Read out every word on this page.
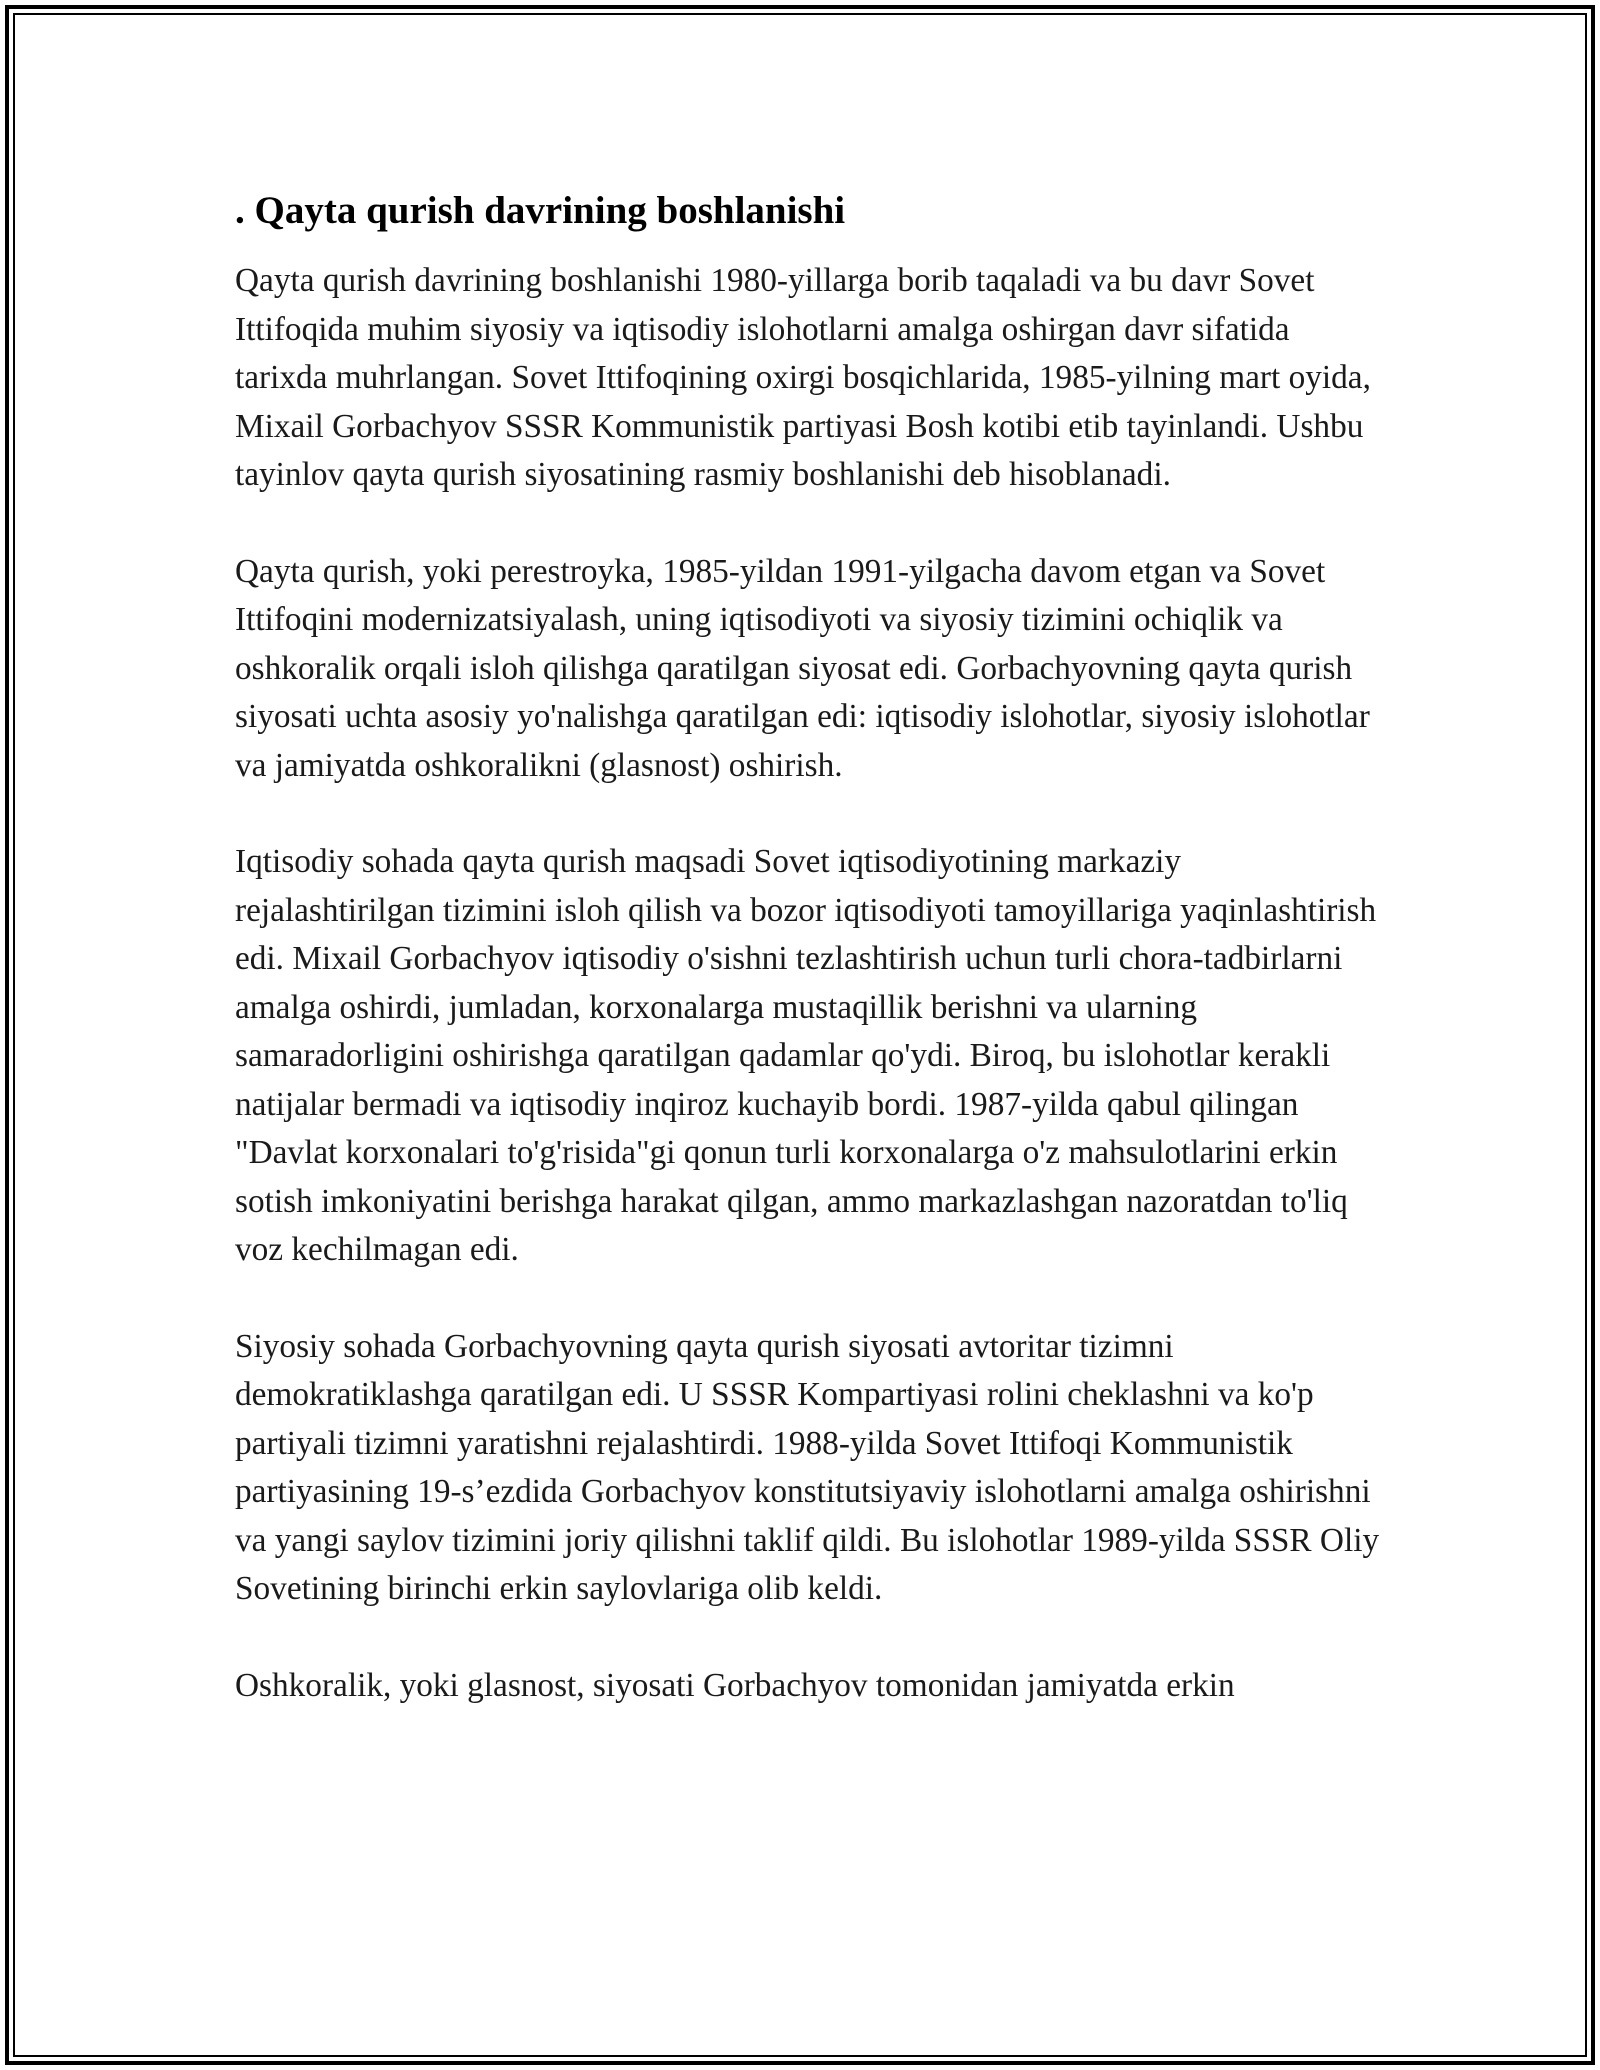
. Qayta qurish davrining boshlanishi

Qayta qurish davrining boshlanishi 1980-yillarga borib taqaladi va bu davr Sovet Ittifoqida muhim siyosiy va iqtisodiy islohotlarni amalga oshirgan davr sifatida tarixda muhrlangan. Sovet Ittifoqining oxirgi bosqichlarida, 1985-yilning mart oyida, Mixail Gorbachyov SSSR Kommunistik partiyasi Bosh kotibi etib tayinlandi. Ushbu tayinlov qayta qurish siyosatining rasmiy boshlanishi deb hisoblanadi.

Qayta qurish, yoki perestroyka, 1985-yildan 1991-yilgacha davom etgan va Sovet Ittifoqini modernizatsiyalash, uning iqtisodiyoti va siyosiy tizimini ochiqlik va oshkoralik orqali isloh qilishga qaratilgan siyosat edi. Gorbachyovning qayta qurish siyosati uchta asosiy yo'nalishga qaratilgan edi: iqtisodiy islohotlar, siyosiy islohotlar va jamiyatda oshkoralikni (glasnost) oshirish.

Iqtisodiy sohada qayta qurish maqsadi Sovet iqtisodiyotining markaziy rejalashtirilgan tizimini isloh qilish va bozor iqtisodiyoti tamoyillariga yaqinlashtirish edi. Mixail Gorbachyov iqtisodiy o'sishni tezlashtirish uchun turli chora-tadbirlarni amalga oshirdi, jumladan, korxonalarga mustaqillik berishni va ularning samaradorligini oshirishga qaratilgan qadamlar qo'ydi. Biroq, bu islohotlar kerakli natijalar bermadi va iqtisodiy inqiroz kuchayib bordi. 1987-yilda qabul qilingan "Davlat korxonalari to'g'risida"gi qonun turli korxonalarga o'z mahsulotlarini erkin sotish imkoniyatini berishga harakat qilgan, ammo markazlashgan nazoratdan to'liq voz kechilmagan edi.

Siyosiy sohada Gorbachyovning qayta qurish siyosati avtoritar tizimni demokratiklashga qaratilgan edi. U SSSR Kompartiyasi rolini cheklashni va ko'p partiyali tizimni yaratishni rejalashtirdi. 1988-yilda Sovet Ittifoqi Kommunistik partiyasining 19-s’ezdida Gorbachyov konstitutsiyaviy islohotlarni amalga oshirishni va yangi saylov tizimini joriy qilishni taklif qildi. Bu islohotlar 1989-yilda SSSR Oliy Sovetining birinchi erkin saylovlariga olib keldi.

Oshkoralik, yoki glasnost, siyosati Gorbachyov tomonidan jamiyatda erkin
